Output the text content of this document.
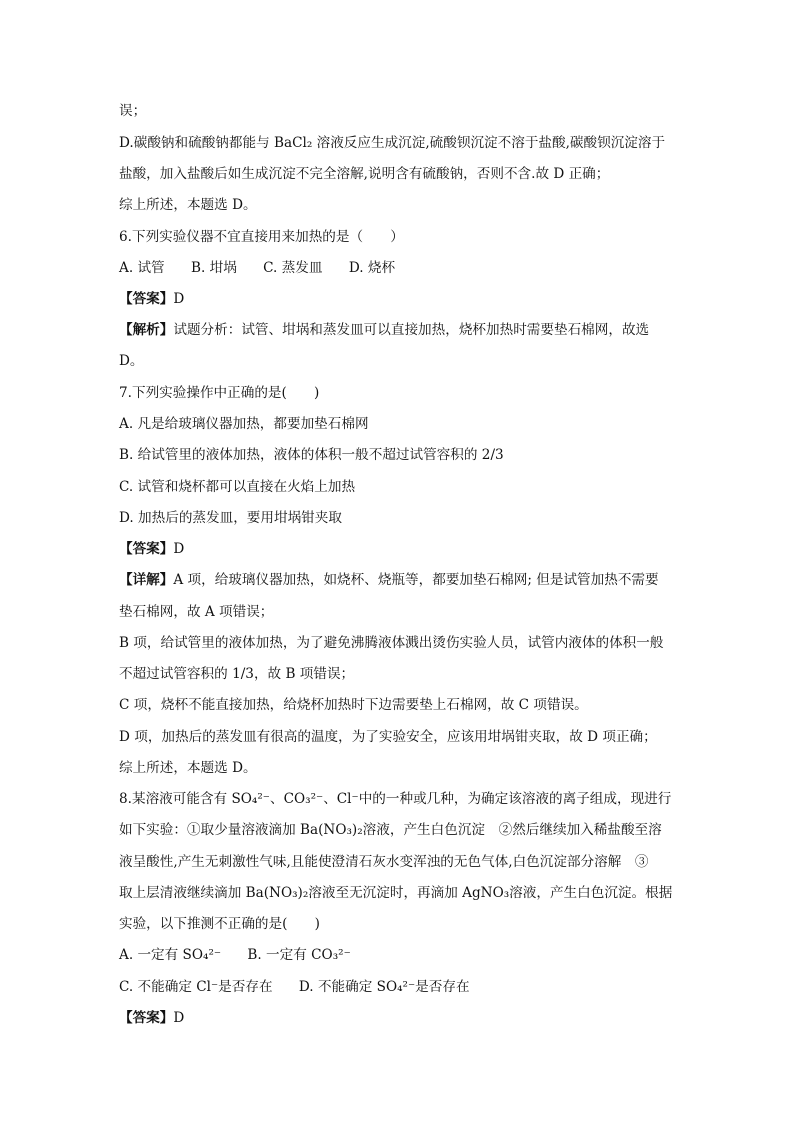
误；
D.碳酸钠和硫酸钠都能与 BaCl₂ 溶液反应生成沉淀,硫酸钡沉淀不溶于盐酸,碳酸钡沉淀溶于
盐酸，加入盐酸后如生成沉淀不完全溶解,说明含有硫酸钠，否则不含.故 D 正确；
综上所述，本题选 D。
6.下列实验仪器不宜直接用来加热的是（　　）
A. 试管 B. 坩埚 C. 蒸发皿 D. 烧杯
【答案】D
【解析】试题分析：试管、坩埚和蒸发皿可以直接加热，烧杯加热时需要垫石棉网，故选
D。
7.下列实验操作中正确的是(　　)
A. 凡是给玻璃仪器加热，都要加垫石棉网
B. 给试管里的液体加热，液体的体积一般不超过试管容积的 2/3
C. 试管和烧杯都可以直接在火焰上加热
D. 加热后的蒸发皿，要用坩埚钳夹取
【答案】D
【详解】A 项，给玻璃仪器加热，如烧杯、烧瓶等，都要加垫石棉网; 但是试管加热不需要
垫石棉网，故 A 项错误；
B 项，给试管里的液体加热，为了避免沸腾液体溅出烫伤实验人员，试管内液体的体积一般
不超过试管容积的 1/3，故 B 项错误；
C 项，烧杯不能直接加热，给烧杯加热时下边需要垫上石棉网，故 C 项错误。
D 项，加热后的蒸发皿有很高的温度，为了实验安全，应该用坩埚钳夹取，故 D 项正确；
综上所述，本题选 D。
8.某溶液可能含有 SO₄²⁻、CO₃²⁻、Cl⁻中的一种或几种，为确定该溶液的离子组成，现进行
如下实验：①取少量溶液滴加 Ba(NO₃)₂溶液，产生白色沉淀　②然后继续加入稀盐酸至溶
液呈酸性,产生无刺激性气味,且能使澄清石灰水变浑浊的无色气体,白色沉淀部分溶解　③
取上层清液继续滴加 Ba(NO₃)₂溶液至无沉淀时，再滴加 AgNO₃溶液，产生白色沉淀。根据
实验，以下推测不正确的是(　　)
A. 一定有 SO₄²⁻ B. 一定有 CO₃²⁻
C. 不能确定 Cl⁻是否存在 D. 不能确定 SO₄²⁻是否存在
【答案】D
